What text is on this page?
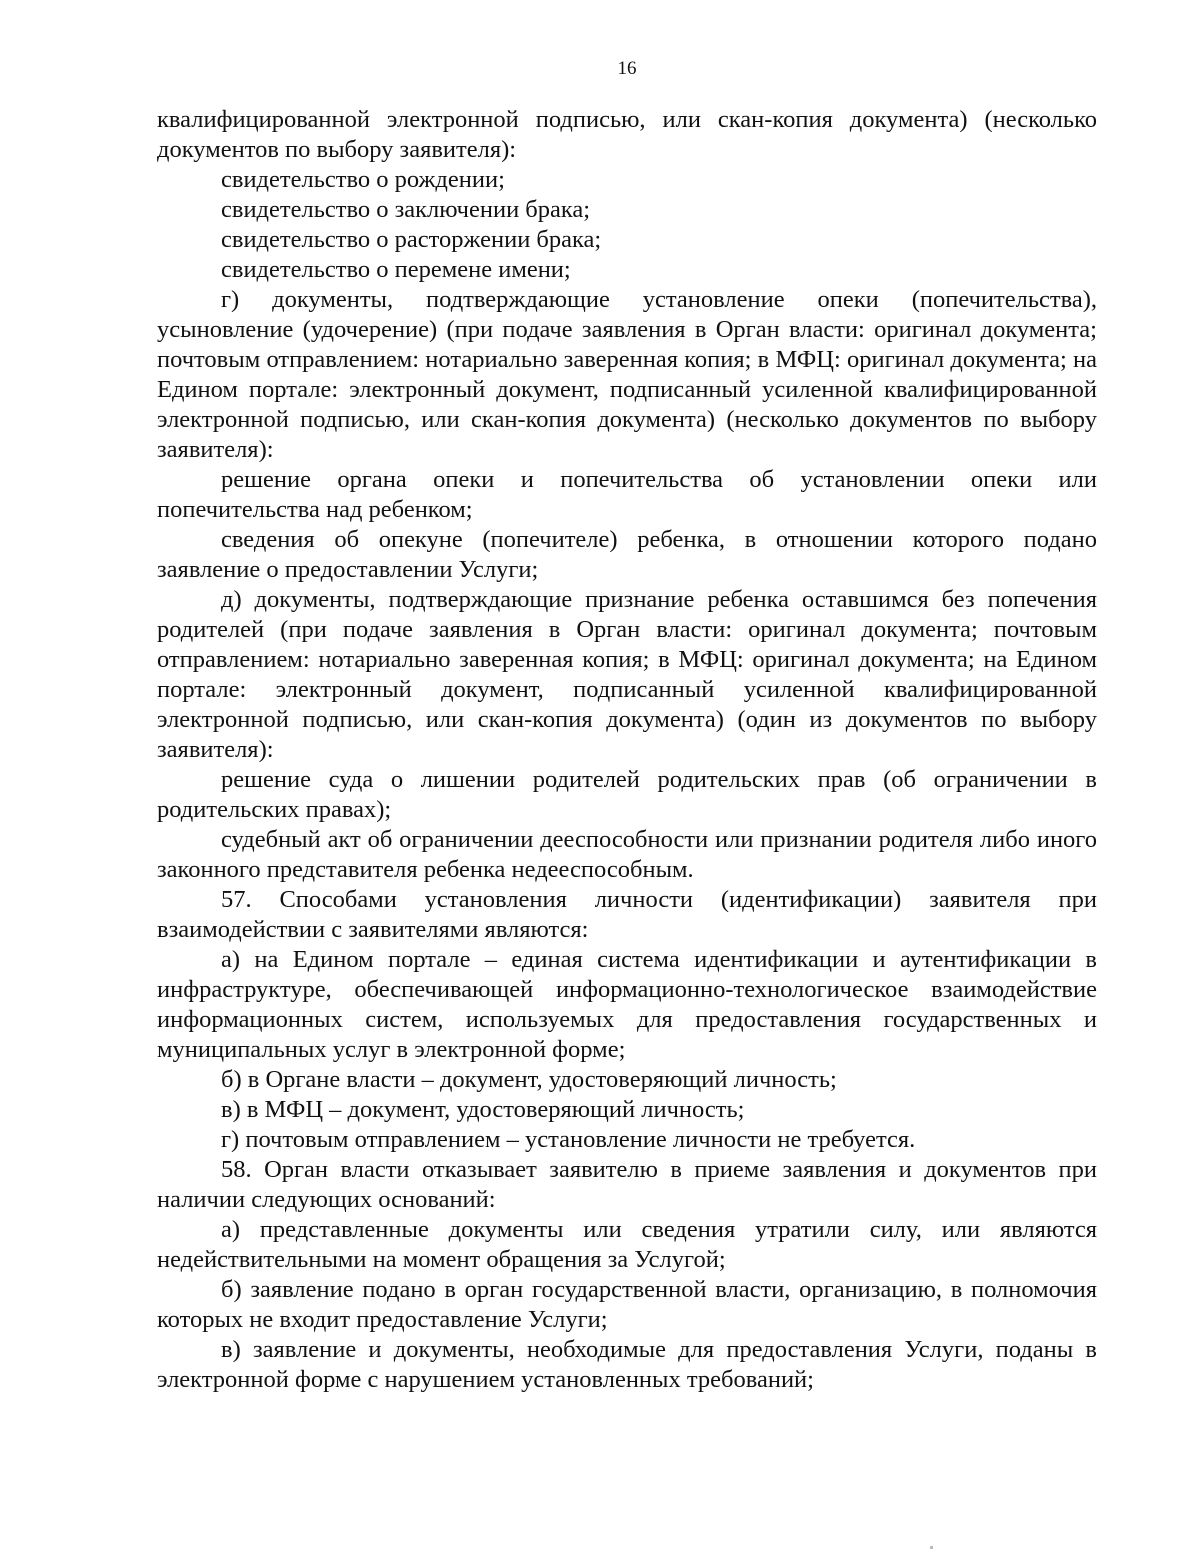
16

квалифицированной электронной подписью, или скан-копия документа) (несколько документов по выбору заявителя):

свидетельство о рождении;

свидетельство о заключении брака;

свидетельство о расторжении брака;

свидетельство о перемене имени;

г) документы, подтверждающие установление опеки (попечительства), усыновление (удочерение) (при подаче заявления в Орган власти: оригинал документа; почтовым отправлением: нотариально заверенная копия; в МФЦ: оригинал документа; на Едином портале: электронный документ, подписанный усиленной квалифицированной электронной подписью, или скан-копия документа) (несколько документов по выбору заявителя):

решение органа опеки и попечительства об установлении опеки или попечительства над ребенком;

сведения об опекуне (попечителе) ребенка, в отношении которого подано заявление о предоставлении Услуги;

д) документы, подтверждающие признание ребенка оставшимся без попечения родителей (при подаче заявления в Орган власти: оригинал документа; почтовым отправлением: нотариально заверенная копия; в МФЦ: оригинал документа; на Едином портале: электронный документ, подписанный усиленной квалифицированной электронной подписью, или скан-копия документа) (один из документов по выбору заявителя):

решение суда о лишении родителей родительских прав (об ограничении в родительских правах);

судебный акт об ограничении дееспособности или признании родителя либо иного законного представителя ребенка недееспособным.

57. Способами установления личности (идентификации) заявителя при взаимодействии с заявителями являются:

а) на Едином портале – единая система идентификации и аутентификации в инфраструктуре, обеспечивающей информационно-технологическое взаимодействие информационных систем, используемых для предоставления государственных и муниципальных услуг в электронной форме;

б) в Органе власти – документ, удостоверяющий личность;

в) в МФЦ – документ, удостоверяющий личность;

г) почтовым отправлением – установление личности не требуется.

58. Орган власти отказывает заявителю в приеме заявления и документов при наличии следующих оснований:

а) представленные документы или сведения утратили силу, или являются недействительными на момент обращения за Услугой;

б) заявление подано в орган государственной власти, организацию, в полномочия которых не входит предоставление Услуги;

в) заявление и документы, необходимые для предоставления Услуги, поданы в электронной форме с нарушением установленных требований;
